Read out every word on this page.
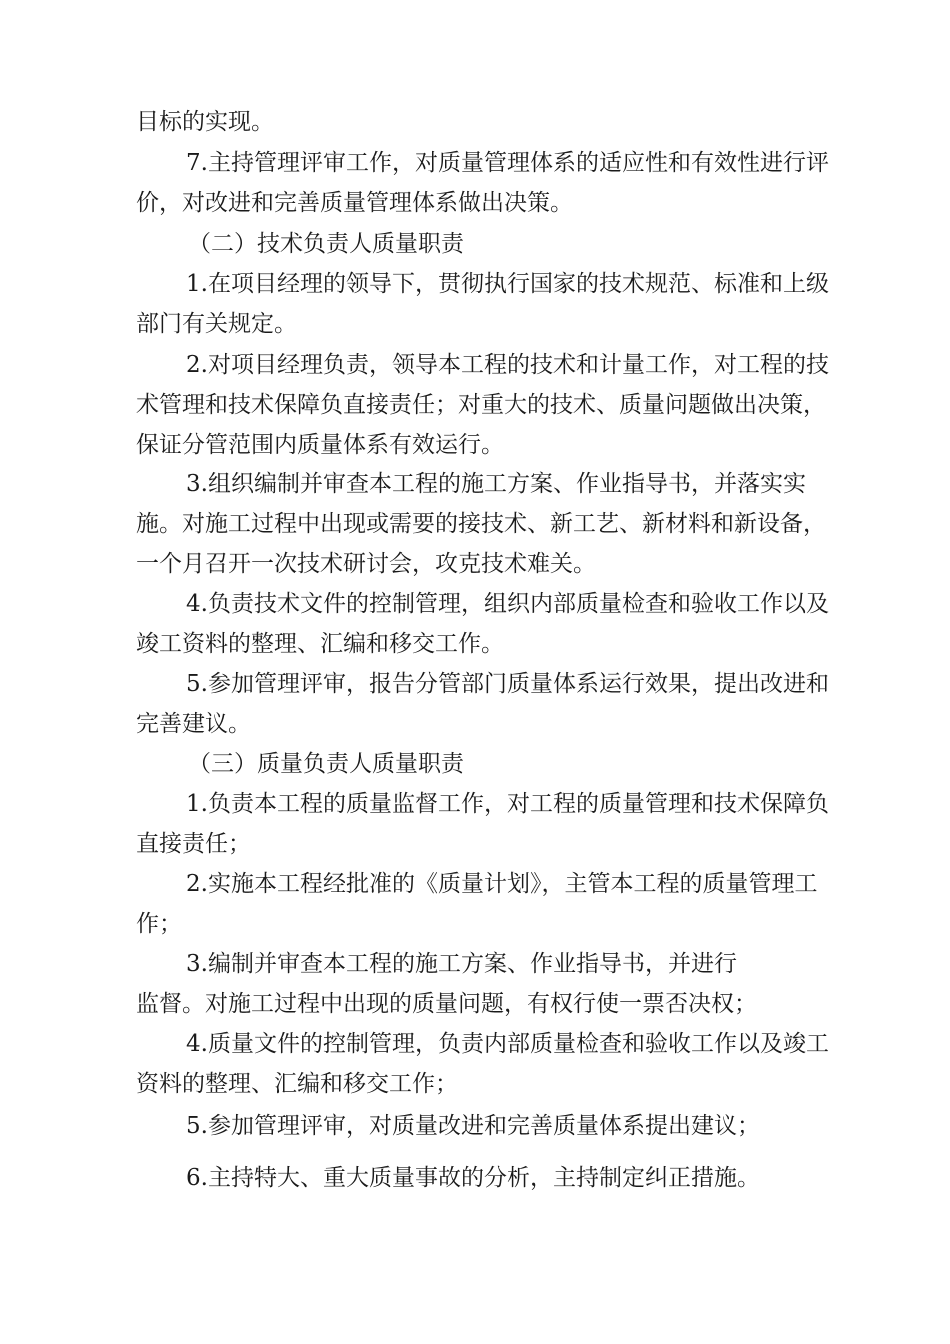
目标的实现。

7.主持管理评审工作，对质量管理体系的适应性和有效性进行评价，对改进和完善质量管理体系做出决策。

（二）技术负责人质量职责

1.在项目经理的领导下，贯彻执行国家的技术规范、标准和上级部门有关规定。

2.对项目经理负责，领导本工程的技术和计量工作，对工程的技术管理和技术保障负直接责任；对重大的技术、质量问题做出决策，保证分管范围内质量体系有效运行。

3.组织编制并审查本工程的施工方案、作业指导书，并落实实施。对施工过程中出现或需要的接技术、新工艺、新材料和新设备，一个月召开一次技术研讨会，攻克技术难关。

4.负责技术文件的控制管理，组织内部质量检查和验收工作以及竣工资料的整理、汇编和移交工作。

5.参加管理评审，报告分管部门质量体系运行效果，提出改进和完善建议。

（三）质量负责人质量职责

1.负责本工程的质量监督工作，对工程的质量管理和技术保障负直接责任；

2.实施本工程经批准的《质量计划》，主管本工程的质量管理工作；

3.编制并审查本工程的施工方案、作业指导书，并进行

监督。对施工过程中出现的质量问题，有权行使一票否决权；

4.质量文件的控制管理，负责内部质量检查和验收工作以及竣工资料的整理、汇编和移交工作；

5.参加管理评审，对质量改进和完善质量体系提出建议；

6.主持特大、重大质量事故的分析，主持制定纠正措施。
